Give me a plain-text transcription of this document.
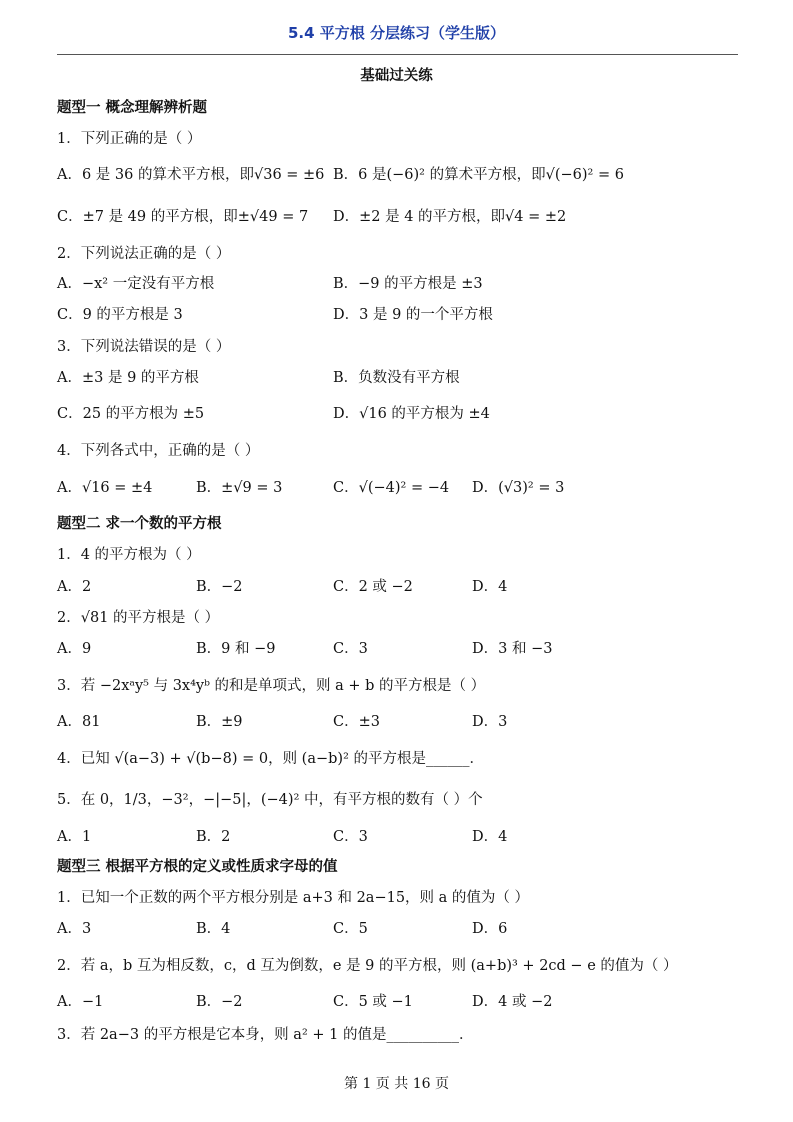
5.4 平方根 分层练习（学生版）
基础过关练
题型一 概念理解辨析题
1．下列正确的是（ ）
A．6 是 36 的算术平方根，即√36 = ±6 B．6 是(−6)² 的算术平方根，即√(−6)² = 6
C．±7 是 49 的平方根，即±√49 = 7 D．±2 是 4 的平方根，即√4 = ±2
2．下列说法正确的是（ ）
A．−x² 一定没有平方根	B．−9 的平方根是 ±3
C．9 的平方根是 3	D．3 是 9 的一个平方根
3．下列说法错误的是（ ）
A．±3 是 9 的平方根	B．负数没有平方根
C．25 的平方根为 ±5	D．√16 的平方根为 ±4
4．下列各式中，正确的是（ ）
A．√16 = ±4	B．±√9 = 3	C．√(−4)² = −4 D．(√3)² = 3
题型二 求一个数的平方根
1．4 的平方根为（ ）
A．2	B．−2	C．2 或 −2	D．4
2．√81 的平方根是（ ）
A．9	B．9 和 −9	C．3	D．3 和 −3
3．若 −2xᵃy⁵ 与 3x⁴yᵇ 的和是单项式，则 a + b 的平方根是（ ）
A．81	B．±9	C．±3	D．3
4．已知 √(a−3) + √(b−8) = 0，则 (a−b)² 的平方根是______．
5．在 0，1/3，−3²，−|−5|，(−4)² 中，有平方根的数有（ ）个
A．1	B．2	C．3	D．4
题型三 根据平方根的定义或性质求字母的值
1．已知一个正数的两个平方根分别是 a+3 和 2a−15，则 a 的值为（ ）
A．3	B．4	C．5	D．6
2．若 a，b 互为相反数，c，d 互为倒数，e 是 9 的平方根，则 (a+b)³ + 2cd − e 的值为（ ）
A．−1	B．−2	C．5 或 −1	D．4 或 −2
3．若 2a−3 的平方根是它本身，则 a² + 1 的值是__________．
第 1 页 共 16 页
